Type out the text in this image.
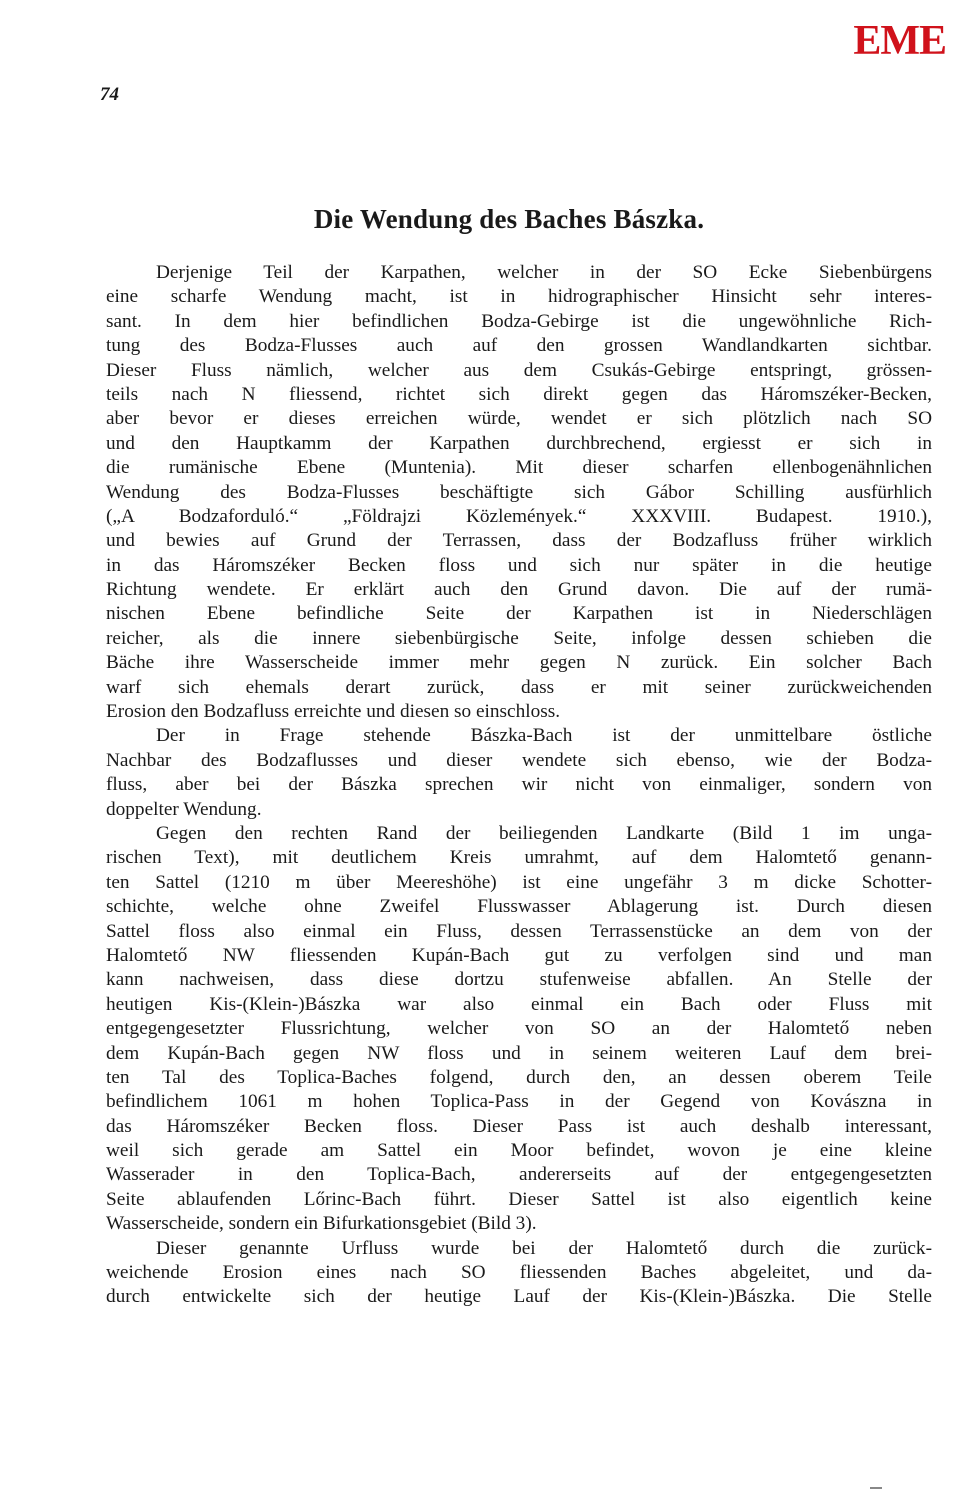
EME
74
Die Wendung des Baches Bászka.
Derjenige Teil der Karpathen, welcher in der SO Ecke Siebenbürgens
eine scharfe Wendung macht, ist in hidrographischer Hinsicht sehr interes-
sant. In dem hier befindlichen Bodza-Gebirge ist die ungewöhnliche Rich-
tung des Bodza-Flusses auch auf den grossen Wandlandkarten sichtbar.
Dieser Fluss nämlich, welcher aus dem Csukás-Gebirge entspringt, grössen-
teils nach N fliessend, richtet sich direkt gegen das Háromszéker-Becken,
aber bevor er dieses erreichen würde, wendet er sich plötzlich nach SO
und den Hauptkamm der Karpathen durchbrechend, ergiesst er sich in
die rumänische Ebene (Muntenia). Mit dieser scharfen ellenbogenähnlichen
Wendung des Bodza-Flusses beschäftigte sich Gábor Schilling ausfürhlich
(„A Bodzaforduló.“ „Földrajzi Közlemények.“ XXXVIII. Budapest. 1910.),
und bewies auf Grund der Terrassen, dass der Bodzafluss früher wirklich
in das Háromszéker Becken floss und sich nur später in die heutige
Richtung wendete. Er erklärt auch den Grund davon. Die auf der rumä-
nischen Ebene befindliche Seite der Karpathen ist in Niederschlägen
reicher, als die innere siebenbürgische Seite, infolge dessen schieben die
Bäche ihre Wasserscheide immer mehr gegen N zurück. Ein solcher Bach
warf sich ehemals derart zurück, dass er mit seiner zurückweichenden
Erosion den Bodzafluss erreichte und diesen so einschloss.
Der in Frage stehende Bászka-Bach ist der unmittelbare östliche
Nachbar des Bodzaflusses und dieser wendete sich ebenso, wie der Bodza-
fluss, aber bei der Bászka sprechen wir nicht von einmaliger, sondern von
doppelter Wendung.
Gegen den rechten Rand der beiliegenden Landkarte (Bild 1 im unga-
rischen Text), mit deutlichem Kreis umrahmt, auf dem Halomtető genann-
ten Sattel (1210 m über Meereshöhe) ist eine ungefähr 3 m dicke Schotter-
schichte, welche ohne Zweifel Flusswasser Ablagerung ist. Durch diesen
Sattel floss also einmal ein Fluss, dessen Terrassenstücke an dem von der
Halomtető NW fliessenden Kupán-Bach gut zu verfolgen sind und man
kann nachweisen, dass diese dortzu stufenweise abfallen. An Stelle der
heutigen Kis-(Klein-)Bászka war also einmal ein Bach oder Fluss mit
entgegengesetzter Flussrichtung, welcher von SO an der Halomtető neben
dem Kupán-Bach gegen NW floss und in seinem weiteren Lauf dem brei-
ten Tal des Toplica-Baches folgend, durch den, an dessen oberem Teile
befindlichem 1061 m hohen Toplica-Pass in der Gegend von Kovászna in
das Háromszéker Becken floss. Dieser Pass ist auch deshalb interessant,
weil sich gerade am Sattel ein Moor befindet, wovon je eine kleine
Wasserader in den Toplica-Bach, andererseits auf der entgegengesetzten
Seite ablaufenden Lőrinc-Bach führt. Dieser Sattel ist also eigentlich keine
Wasserscheide, sondern ein Bifurkationsgebiet (Bild 3).
Dieser genannte Urfluss wurde bei der Halomtető durch die zurück-
weichende Erosion eines nach SO fliessenden Baches abgeleitet, und da-
durch entwickelte sich der heutige Lauf der Kis-(Klein-)Bászka. Die Stelle
